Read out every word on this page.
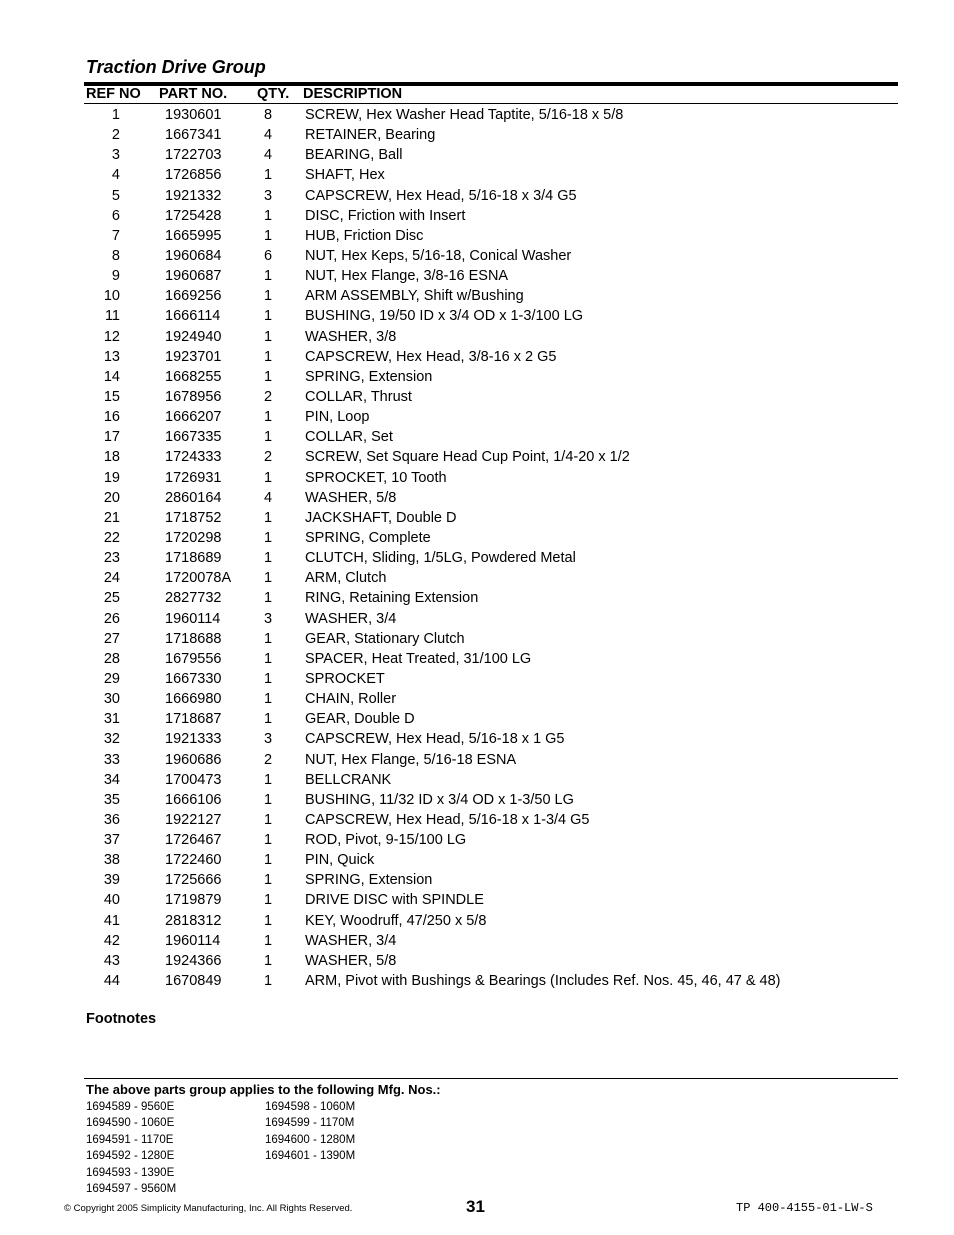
Traction Drive Group
REF NO PART NO. QTY. DESCRIPTION
1	1930601	8 SCREW, Hex Washer Head Taptite, 5/16-18 x 5/8
2	1667341	4 RETAINER, Bearing
3	1722703	4 BEARING, Ball
4	1726856	1 SHAFT, Hex
5	1921332	3 CAPSCREW, Hex Head, 5/16-18 x 3/4 G5
6	1725428	1 DISC, Friction with Insert
7	1665995	1 HUB, Friction Disc
8	1960684	6 NUT, Hex Keps, 5/16-18, Conical Washer
9	1960687	1 NUT, Hex Flange, 3/8-16 ESNA
10	1669256	1 ARM ASSEMBLY, Shift w/Bushing
11	1666114	1 BUSHING, 19/50 ID x 3/4 OD x 1-3/100 LG
12	1924940	1 WASHER, 3/8
13	1923701	1 CAPSCREW, Hex Head, 3/8-16 x 2 G5
14	1668255	1 SPRING, Extension
15	1678956	2 COLLAR, Thrust
16	1666207	1 PIN, Loop
17	1667335	1 COLLAR, Set
18	1724333	2 SCREW, Set Square Head Cup Point, 1/4-20 x 1/2
19	1726931	1 SPROCKET, 10 Tooth
20	2860164	4 WASHER, 5/8
21	1718752	1 JACKSHAFT, Double D
22	1720298	1 SPRING, Complete
23	1718689	1 CLUTCH, Sliding, 1/5LG, Powdered Metal
24	1720078A 1 ARM, Clutch
25	2827732	1 RING, Retaining Extension
26	1960114	3 WASHER, 3/4
27	1718688	1 GEAR, Stationary Clutch
28	1679556	1 SPACER, Heat Treated, 31/100 LG
29	1667330	1 SPROCKET
30	1666980	1 CHAIN, Roller
31	1718687	1 GEAR, Double D
32	1921333	3 CAPSCREW, Hex Head, 5/16-18 x 1 G5
33	1960686	2 NUT, Hex Flange, 5/16-18 ESNA
34	1700473	1 BELLCRANK
35	1666106	1 BUSHING, 11/32 ID x 3/4 OD x 1-3/50 LG
36	1922127	1 CAPSCREW, Hex Head, 5/16-18 x 1-3/4 G5
37	1726467	1 ROD, Pivot, 9-15/100 LG
38	1722460	1 PIN, Quick
39	1725666	1 SPRING, Extension
40	1719879	1 DRIVE DISC with SPINDLE
41	2818312	1 KEY, Woodruff, 47/250 x 5/8
42	1960114	1 WASHER, 3/4
43	1924366	1 WASHER, 5/8
44	1670849	1 ARM, Pivot with Bushings & Bearings (Includes Ref. Nos. 45, 46, 47 & 48)
Footnotes
The above parts group applies to the following Mfg. Nos.:
1694589 - 9560E
1694590 - 1060E
1694591 - 1170E
1694592 - 1280E
1694593 - 1390E
1694597 - 9560M
1694598 - 1060M
1694599 - 1170M
1694600 - 1280M
1694601 - 1390M
© Copyright 2005 Simplicity Manufacturing, Inc. All Rights Reserved.	31	TP 400-4155-01-LW-S
